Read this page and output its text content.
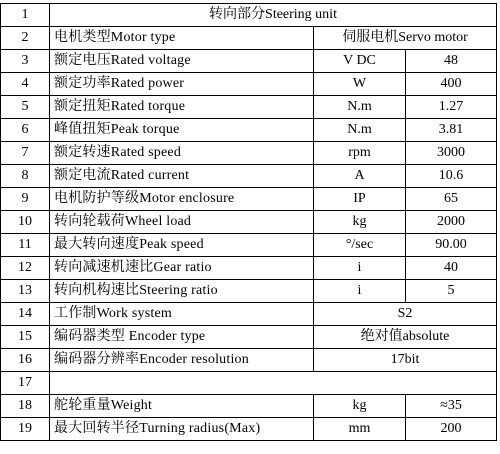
1	转向部分Steering unit		
2	电机类型Motor type	伺服电机Servo motor	
3	额定电压Rated voltage	V DC	48
4	额定功率Rated power	W	400
5	额定扭矩Rated torque	N.m	1.27
6	峰值扭矩Peak torque	N.m	3.81
7	额定转速Rated speed	rpm	3000
8	额定电流Rated current	A	10.6
9	电机防护等级Motor enclosure	IP	65
10	转向轮载荷Wheel load	kg	2000
11	最大转向速度Peak speed	°/sec	90.00
12	转向减速机速比Gear ratio	i	40
13	转向机构速比Steering ratio	i	5
14	工作制Work system	S2	
15	编码器类型 Encoder type	绝对值absolute	
16	编码器分辨率Encoder resolution	17bit	
17			
18	舵轮重量Weight	kg	≈35
19	最大回转半径Turning radius(Max)	mm	200
